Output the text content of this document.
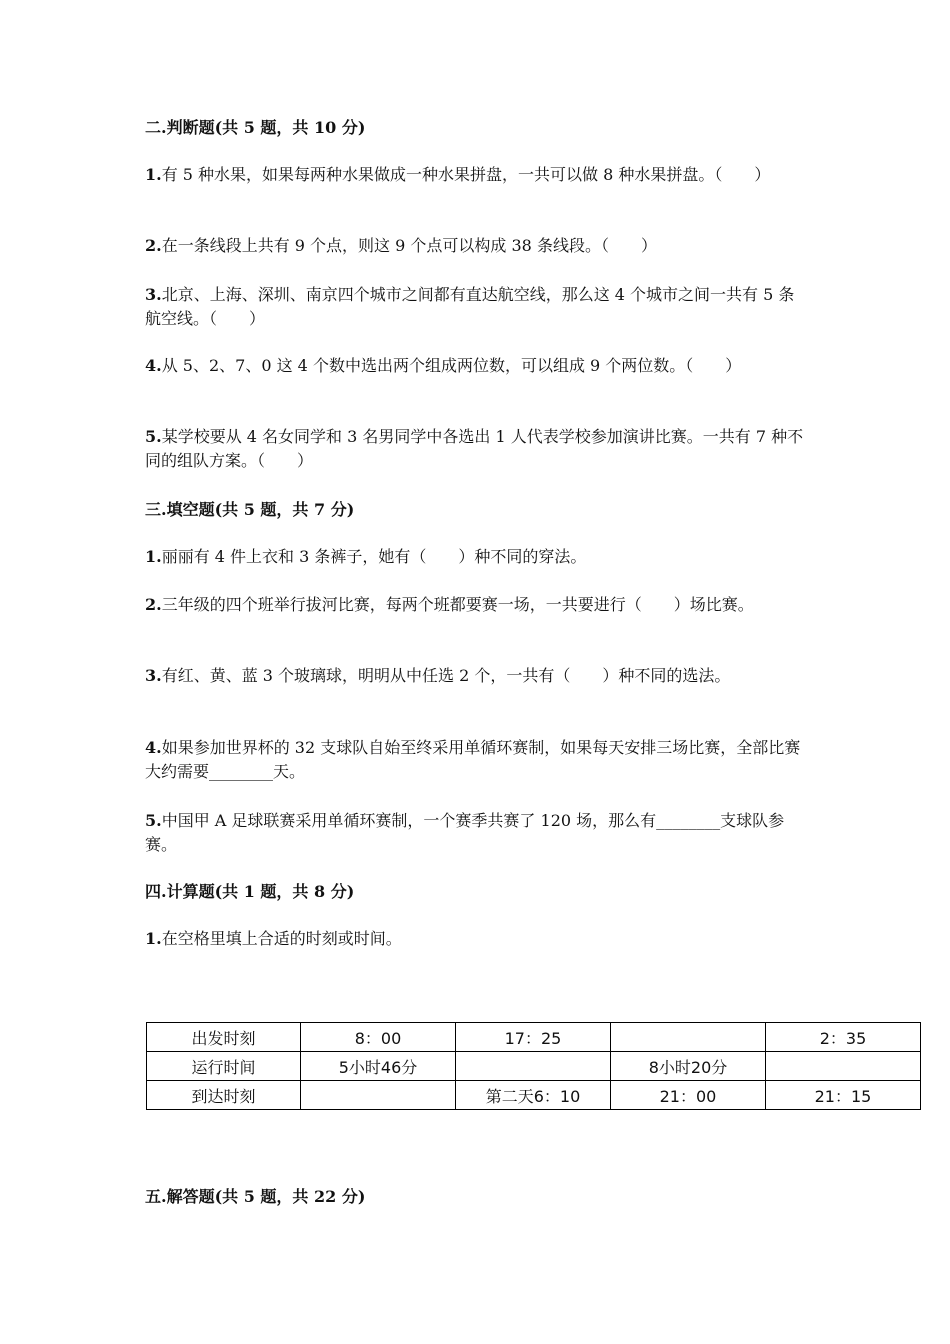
二.判断题(共 5 题，共 10 分)
1.有 5 种水果，如果每两种水果做成一种水果拼盘，一共可以做 8 种水果拼盘。（　　）
2.在一条线段上共有 9 个点，则这 9 个点可以构成 38 条线段。（　　）
3.北京、上海、深圳、南京四个城市之间都有直达航空线，那么这 4 个城市之间一共有 5 条航空线。（　　）
4.从 5、2、7、0 这 4 个数中选出两个组成两位数，可以组成 9 个两位数。（　　）
5.某学校要从 4 名女同学和 3 名男同学中各选出 1 人代表学校参加演讲比赛。一共有 7 种不同的组队方案。（　　）
三.填空题(共 5 题，共 7 分)
1.丽丽有 4 件上衣和 3 条裤子，她有（　　）种不同的穿法。
2.三年级的四个班举行拔河比赛，每两个班都要赛一场，一共要进行（　　）场比赛。
3.有红、黄、蓝 3 个玻璃球，明明从中任选 2 个，一共有（　　）种不同的选法。
4.如果参加世界杯的 32 支球队自始至终采用单循环赛制，如果每天安排三场比赛，全部比赛大约需要________天。
5.中国甲 A 足球联赛采用单循环赛制，一个赛季共赛了 120 场，那么有________支球队参赛。
四.计算题(共 1 题，共 8 分)
1.在空格里填上合适的时刻或时间。
出发时刻	8：00	17：25		2：35
运行时间	5小时46分		8小时20分	
到达时刻		第二天6：10	21：00	21：15
五.解答题(共 5 题，共 22 分)
